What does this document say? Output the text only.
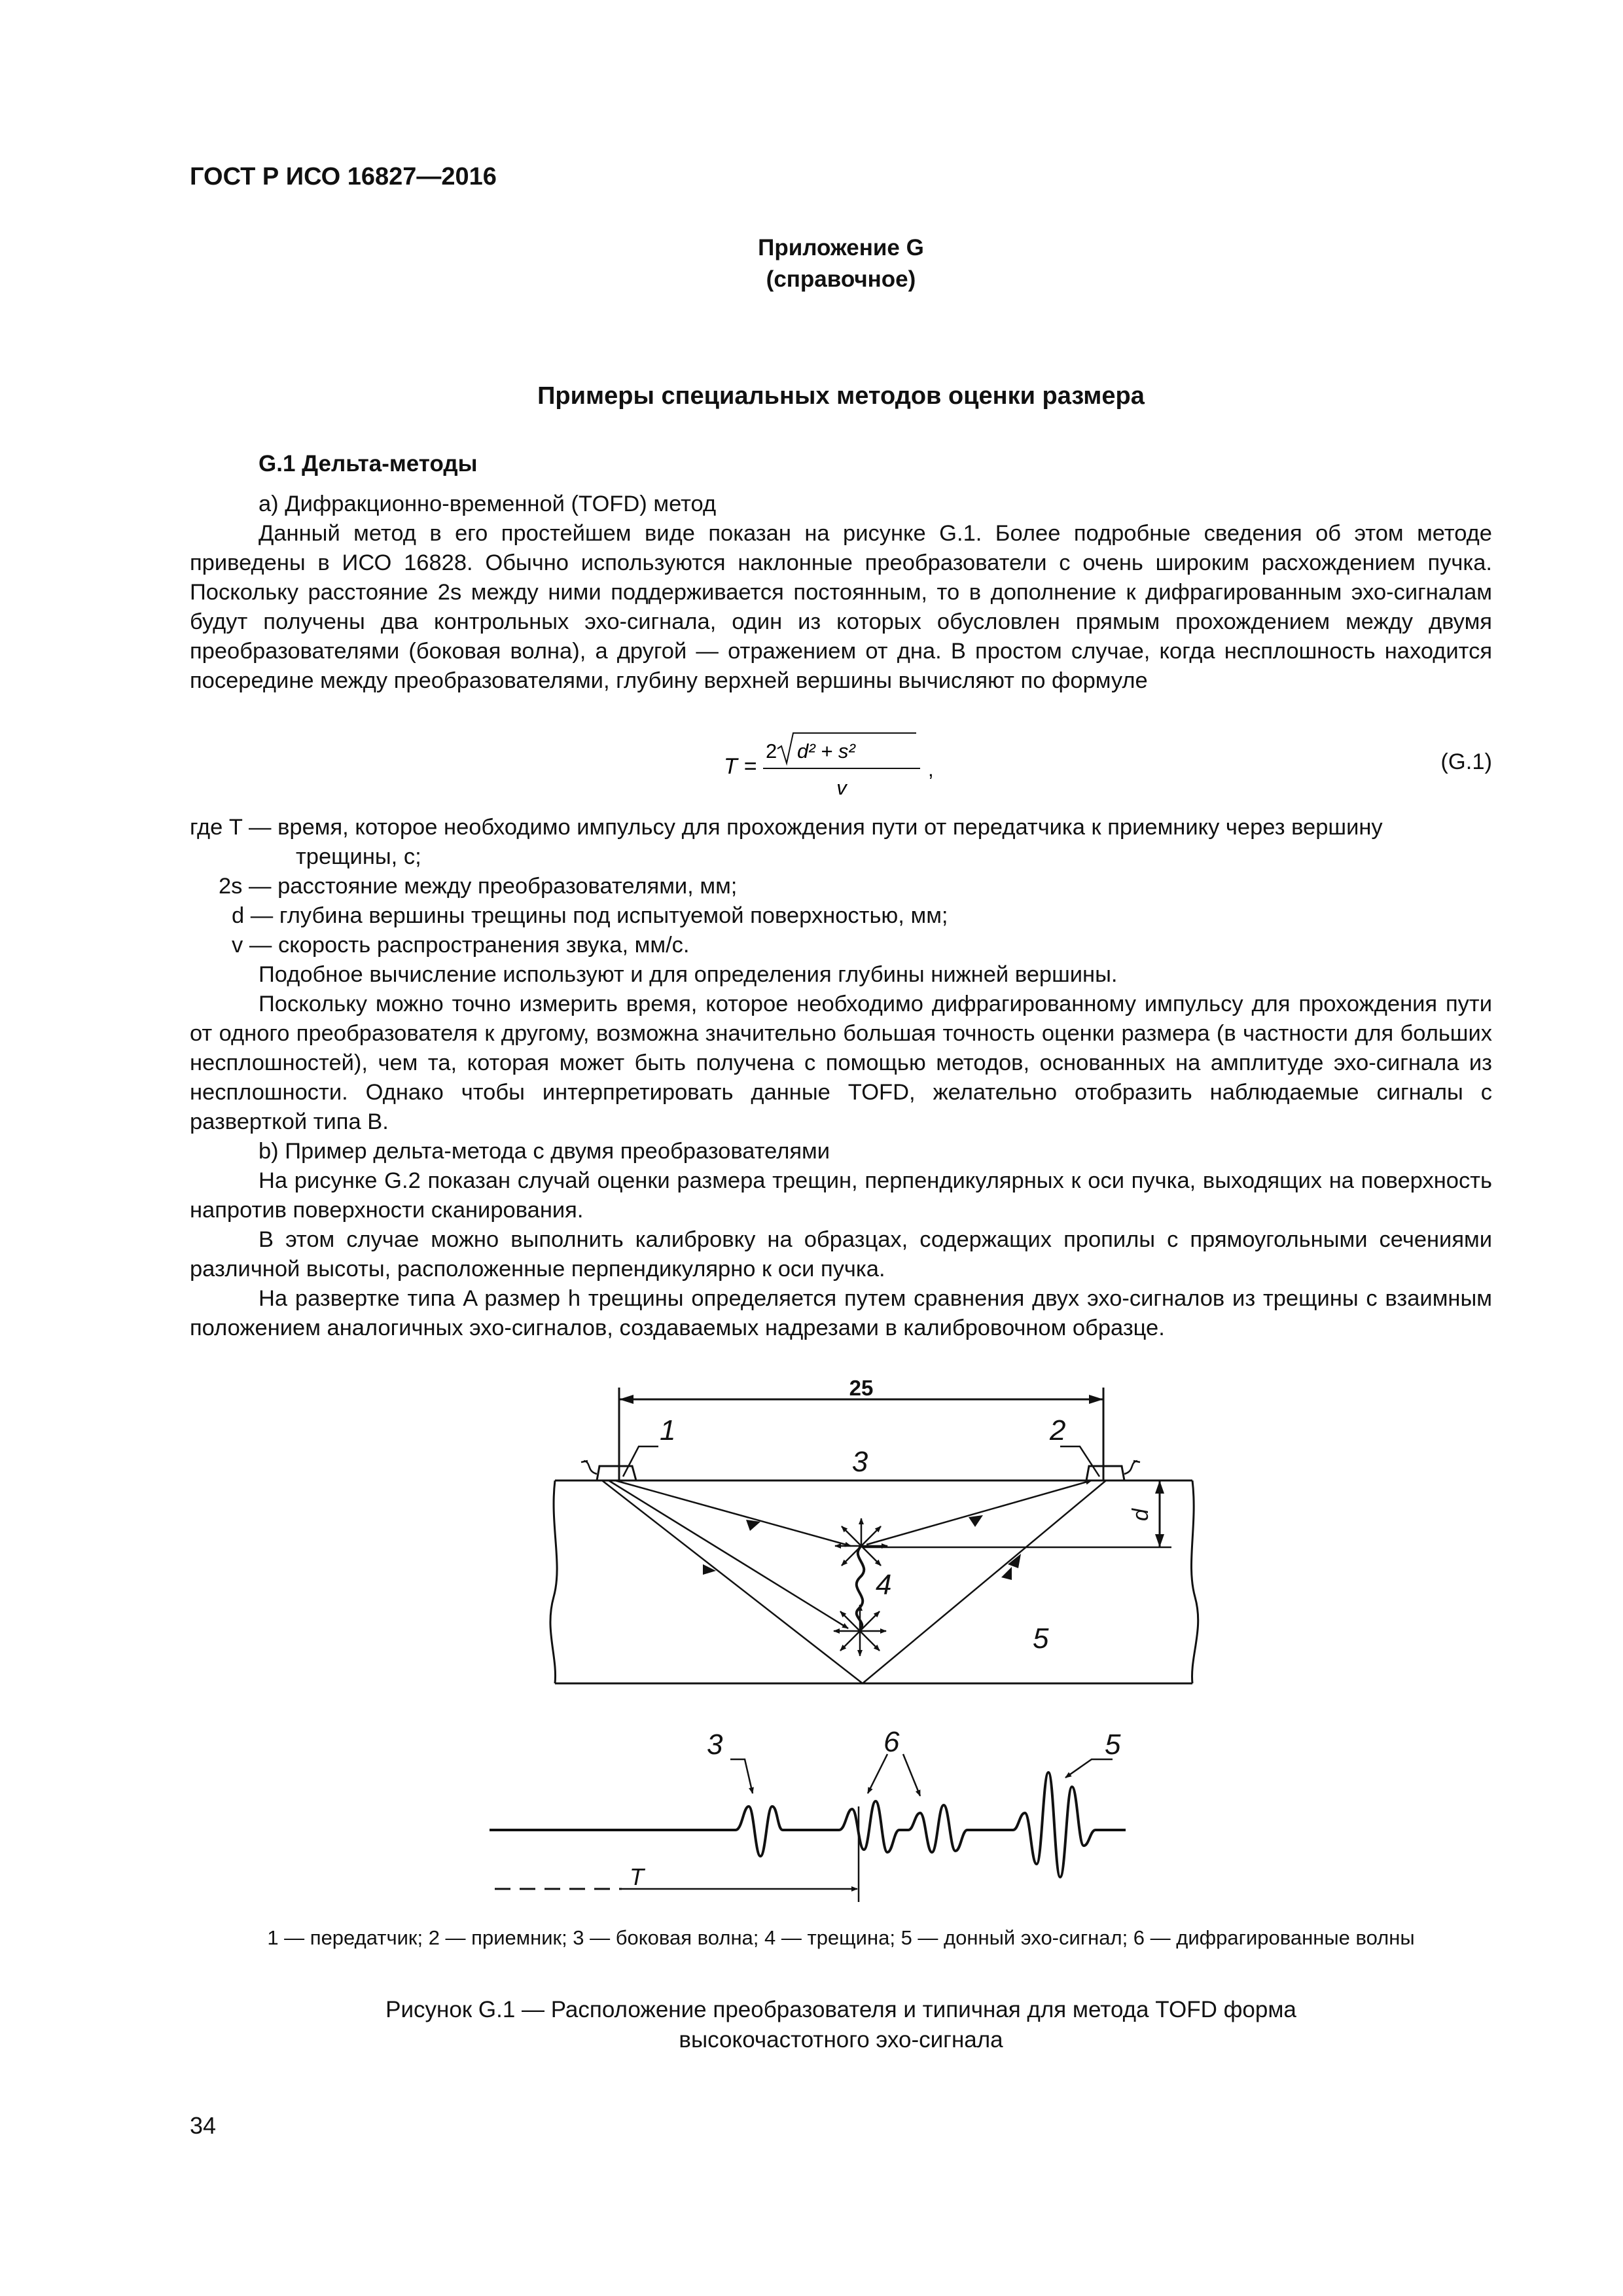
ГОСТ Р ИСО 16827—2016
Приложение G
(справочное)
Примеры специальных методов оценки размера
G.1 Дельта-методы

a) Дифракционно-временной (TOFD) метод

Данный метод в его простейшем виде показан на рисунке G.1. Более подробные сведения об этом методе приведены в ИСО 16828. Обычно используются наклонные преобразователи с очень широким расхождением пучка. Поскольку расстояние 2s между ними поддерживается постоянным, то в дополнение к дифрагированным эхо-сигналам будут получены два контрольных эхо-сигнала, один из которых обусловлен прямым прохождением между двумя преобразователями (боковая волна), а другой — отражением от дна. В простом случае, когда несплошность находится посередине между преобразователями, глубину верхней вершины вычисляют по формуле

T =
2 d² + s²
v
,	(G.1)

где T — время, которое необходимо импульсу для прохождения пути от передатчика к приемнику через вершину

трещины, с;

2s — расстояние между преобразователями, мм;

d — глубина вершины трещины под испытуемой поверхностью, мм;

v — скорость распространения звука, мм/с.

Подобное вычисление используют и для определения глубины нижней вершины.

Поскольку можно точно измерить время, которое необходимо дифрагированному импульсу для прохождения пути от одного преобразователя к другому, возможна значительно большая точность оценки размера (в частности для больших несплошностей), чем та, которая может быть получена с помощью методов, основанных на амплитуде эхо-сигнала из несплошности. Однако чтобы интерпретировать данные TOFD, желательно отобразить наблюдаемые сигналы с разверткой типа B.

b) Пример дельта-метода с двумя преобразователями

На рисунке G.2 показан случай оценки размера трещин, перпендикулярных к оси пучка, выходящих на поверхность напротив поверхности сканирования.

В этом случае можно выполнить калибровку на образцах, содержащих пропилы с прямоугольными сечениями различной высоты, расположенные перпендикулярно к оси пучка.

На развертке типа A размер h трещины определяется путем сравнения двух эхо-сигналов из трещины с взаимным положением аналогичных эхо-сигналов, создаваемых надрезами в калибровочном образце.

25
3
1	2
4
5
d
3	6	5
T
1 — передатчик; 2 — приемник; 3 — боковая волна; 4 — трещина; 5 — донный эхо-сигнал; 6 — дифрагированные волны
Рисунок G.1 — Расположение преобразователя и типичная для метода TOFD форма
высокочастотного эхо-сигнала
34
